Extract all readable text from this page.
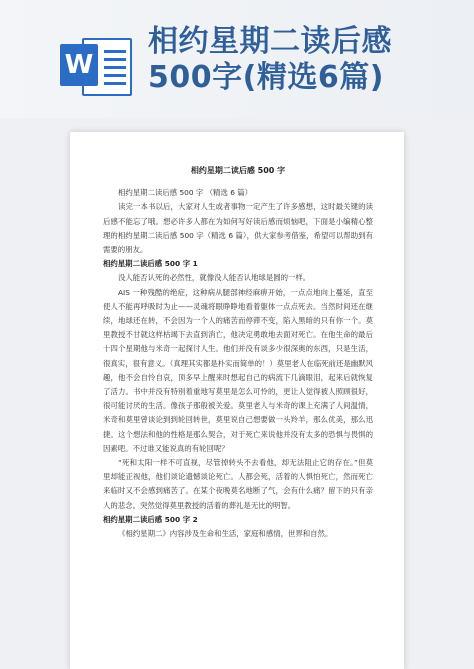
W
相约星期二读后感
500字(精选6篇)

相约星期二读后感 500 字

相约星期二读后感 500 字 （精选 6 篇）

读完一本书以后，大家对人生或者事物一定产生了许多感想，这时最关键的读后感不能忘了哦。想必许多人都在为如何写好读后感而烦恼吧，下面是小编精心整理的相约星期二读后感 500 字（精选 6 篇），供大家参考借鉴，希望可以帮助到有需要的朋友。

相约星期二读后感 500 字 1

没人能否认死的必然性，就像没人能否认地球是圆的一样。

AIS 一种残酷的绝症，这种病从腿部神经麻痹开始，一点点地向上蔓延，直至使人不能再呼吸时为止——灵魂将眼睁睁地看着躯体一点点死去。当然时间还在继续，地球还在转，不会因为一个人的痛苦而停滞不变，陷入黑暗的只有你一个。莫里教授不甘就这样枯竭下去直到消亡，他决定勇敢地去面对死亡。在他生命的最后十四个星期他与米奇一起探讨人生。他们并没有谈多少很深奥的东西，只是生活，很真实，很有意义。（真理其实都是朴实而简单的！）莫里老人在临死前还是幽默风趣，他不会自怜自哀，顶多早上醒来时想起自己的病流下几滴眼泪，起来后就恢复了活力。书中并没有特别着重地写莫里是怎么可怜的，更让人觉得被人照顾很好，很可能讨厌的生活。像孩子那般被关爱。莫里老人与米奇的课上充满了人间温情，米奇和莫里曾谈论到到轮回转世，莫里说自己想要做一头羚羊，那么优美，那么迅捷。这个想法和他的性格是那么契合，对于死亡来说他并没有太多的恐惧与畏惧的因素吧。不过谁又能说真的有轮回呢？

“死和太阳一样不可直视，尽管掉转头不去看他，却无法阻止它的存在。”但莫里却能正视他，他们谈论遗憾谈论死亡。人都会死，活着的人惧怕死亡，然而死亡来临时又不会感到痛苦了。在某个夜晚莫名地断了气，会有什么痛？留下的只有亲人的悲念。突然觉得莫里教授的活着的葬礼是无比的明智。

相约星期二读后感 500 字 2

《相约星期二》内容涉及生命和生活，家庭和感情，世界和自然。
